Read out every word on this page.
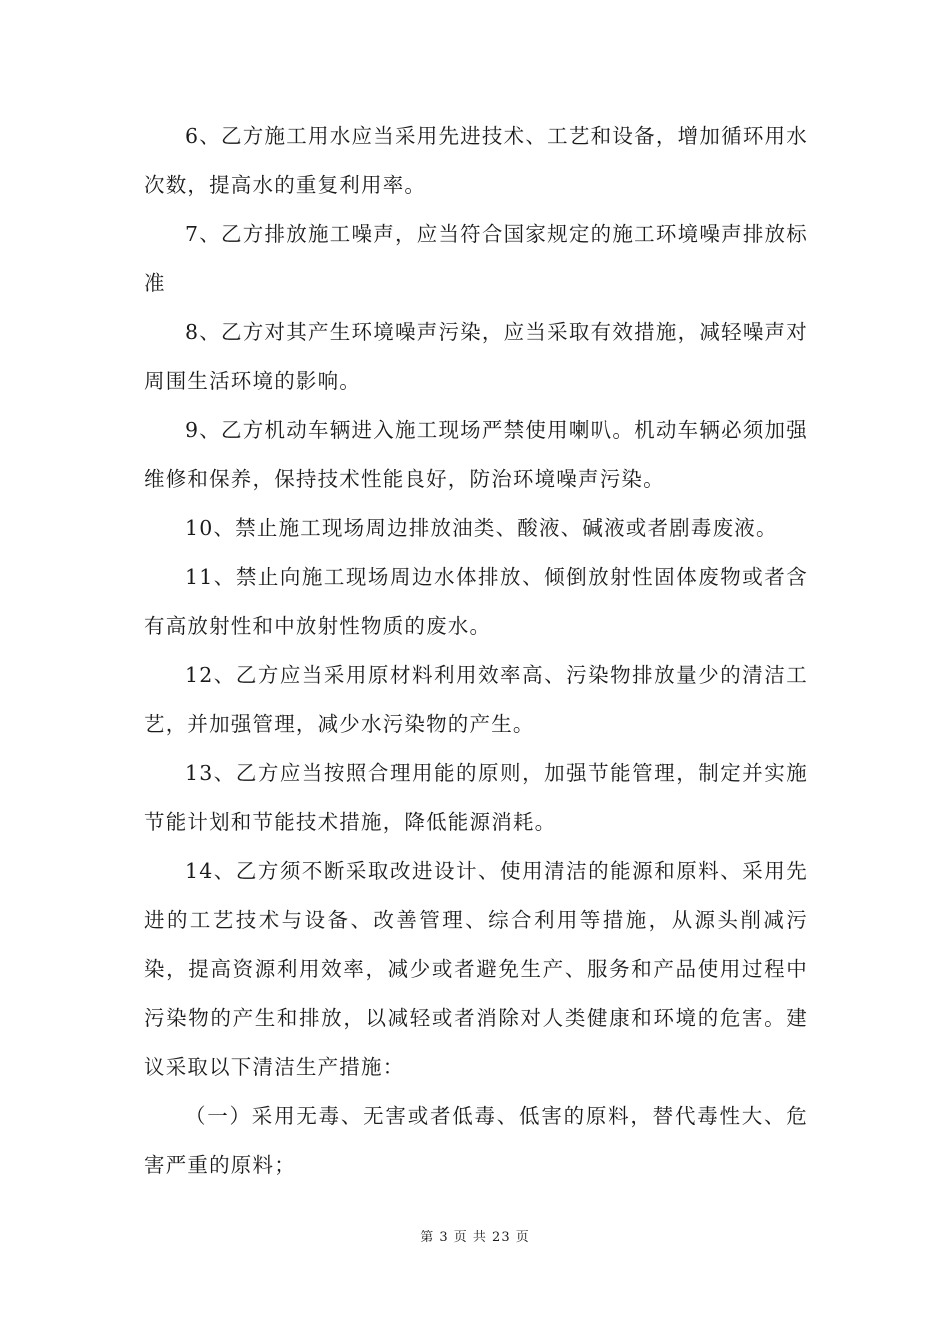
6、乙方施工用水应当采用先进技术、工艺和设备，增加循环用水次数，提高水的重复利用率。

7、乙方排放施工噪声，应当符合国家规定的施工环境噪声排放标准

8、乙方对其产生环境噪声污染，应当采取有效措施，减轻噪声对周围生活环境的影响。

9、乙方机动车辆进入施工现场严禁使用喇叭。机动车辆必须加强维修和保养，保持技术性能良好，防治环境噪声污染。

10、禁止施工现场周边排放油类、酸液、碱液或者剧毒废液。

11、禁止向施工现场周边水体排放、倾倒放射性固体废物或者含有高放射性和中放射性物质的废水。

12、乙方应当采用原材料利用效率高、污染物排放量少的清洁工艺，并加强管理，减少水污染物的产生。

13、乙方应当按照合理用能的原则，加强节能管理，制定并实施节能计划和节能技术措施，降低能源消耗。

14、乙方须不断采取改进设计、使用清洁的能源和原料、采用先进的工艺技术与设备、改善管理、综合利用等措施，从源头削减污染，提高资源利用效率，减少或者避免生产、服务和产品使用过程中污染物的产生和排放，以减轻或者消除对人类健康和环境的危害。建议采取以下清洁生产措施：

（一）采用无毒、无害或者低毒、低害的原料，替代毒性大、危害严重的原料；

第 3 页 共 23 页
